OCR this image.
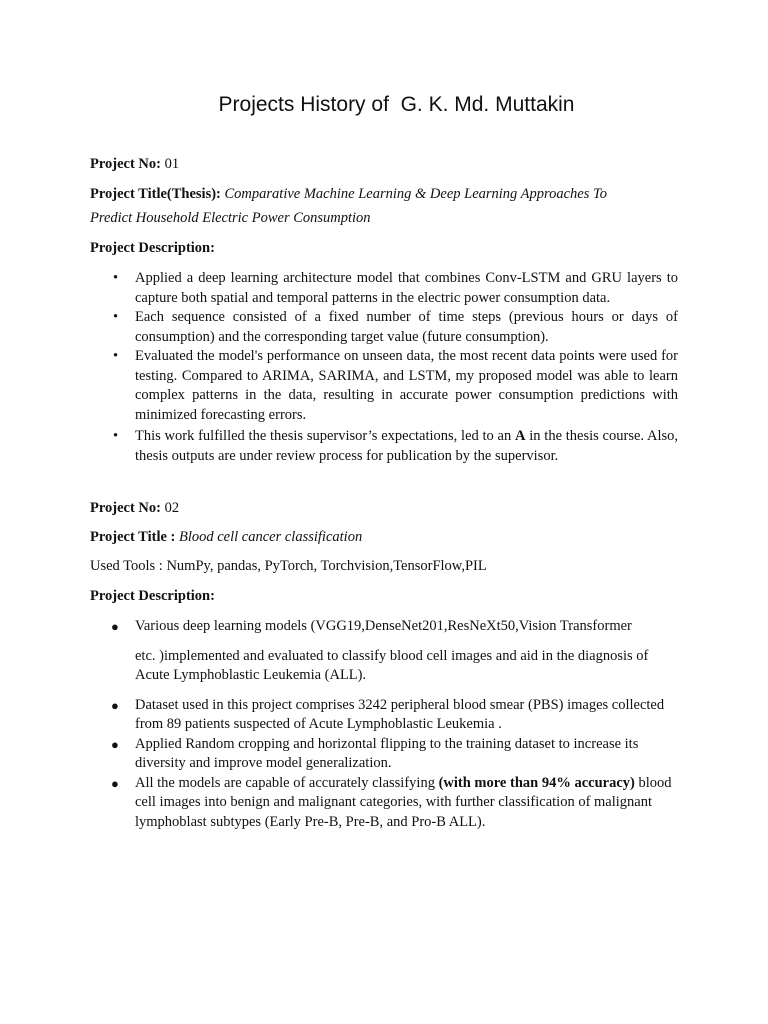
Projects History of  G. K. Md. Muttakin
Project No: 01
Project Title(Thesis): Comparative Machine Learning & Deep Learning Approaches To
Predict Household Electric Power Consumption
Project Description:
• Applied a deep learning architecture model that combines Conv-LSTM and GRU layers to capture both spatial and temporal patterns in the electric power consumption data.
• Each sequence consisted of a fixed number of time steps (previous hours or days of consumption) and the corresponding target value (future consumption).
• Evaluated the model's performance on unseen data, the most recent data points were used for testing. Compared to ARIMA, SARIMA, and LSTM, my proposed model was able to learn complex patterns in the data, resulting in accurate power consumption predictions with minimized forecasting errors.
• This work fulfilled the thesis supervisor’s expectations, led to an A in the thesis course. Also, thesis outputs are under review process for publication by the supervisor.
Project No: 02
Project Title : Blood cell cancer classification
Used Tools : NumPy, pandas, PyTorch, Torchvision,TensorFlow,PIL
Project Description:
● Various deep learning models (VGG19,DenseNet201,ResNeXt50,Vision Transformer
etc. )implemented and evaluated to classify blood cell images and aid in the diagnosis of Acute Lymphoblastic Leukemia (ALL).
● Dataset used in this project comprises 3242 peripheral blood smear (PBS) images collected from 89 patients suspected of Acute Lymphoblastic Leukemia .
● Applied Random cropping and horizontal flipping to the training dataset to increase its diversity and improve model generalization.
● All the models are capable of accurately classifying (with more than 94% accuracy) blood cell images into benign and malignant categories, with further classification of malignant lymphoblast subtypes (Early Pre-B, Pre-B, and Pro-B ALL).
